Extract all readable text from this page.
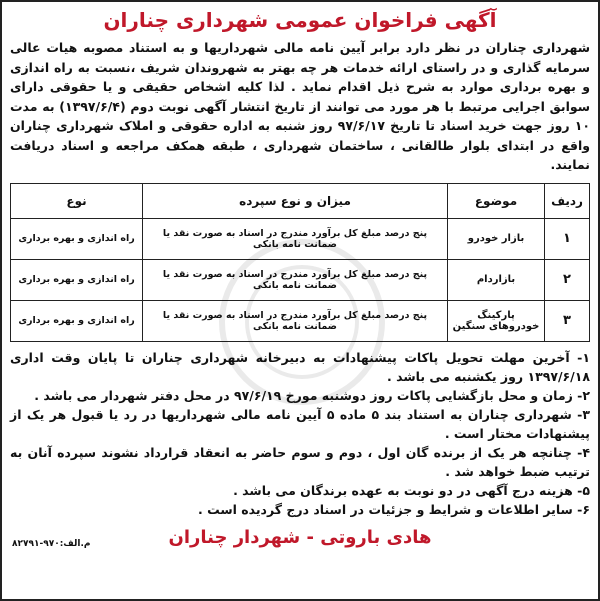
آگهی فراخوان عمومی شهرداری چناران

شهرداری چناران در نظر دارد برابر آیین نامه مالی شهرداریها و به استناد مصوبه هیات عالی سرمایه گذاری و در راستای ارائه خدمات هر چه بهتر به شهروندان شریف ،نسبت به راه اندازی و بهره برداری موارد به شرح ذیل اقدام نماید . لذا کلیه اشخاص حقیقی و یا حقوقی دارای سوابق اجرایی مرتبط با هر مورد می توانند از تاریخ انتشار آگهی نوبت دوم (۱۳۹۷/۶/۴) به مدت ۱۰ روز جهت خرید اسناد تا تاریخ ۹۷/۶/۱۷ روز شنبه به اداره حقوقی و املاک شهرداری چناران واقع در ابتدای بلوار طالقانی ، ساختمان شهرداری ، طبقه همکف مراجعه و اسناد دریافت نمایند.

ردیف	موضوع	میزان و نوع سپرده	نوع
۱	بازار خودرو	پنج درصد مبلغ کل برآورد مندرج در اسناد به صورت نقد یا ضمانت نامه بانکی	راه اندازی و بهره برداری
۲	بازاردام	پنج درصد مبلغ کل برآورد مندرج در اسناد به صورت نقد یا ضمانت نامه بانکی	راه اندازی و بهره برداری
۳	پارکینگ خودروهای سنگین	پنج درصد مبلغ کل برآورد مندرج در اسناد به صورت نقد یا ضمانت نامه بانکی	راه اندازی و بهره برداری
۱- آخرین مهلت تحویل پاکات پیشنهادات به دبیرخانه شهرداری چناران تا پایان وقت اداری ۱۳۹۷/۶/۱۸ روز یکشنبه می باشد .
۲- زمان و محل بازگشایی پاکات روز دوشنبه مورخ ۹۷/۶/۱۹ در محل دفتر شهردار می باشد .
۳- شهرداری چناران به استناد بند ۵ ماده ۵ آیین نامه مالی شهرداریها در رد یا قبول هر یک از پیشنهادات مختار است .
۴- چنانچه هر یک از برنده گان اول ، دوم و سوم حاضر به انعقاد قرارداد نشوند سپرده آنان به ترتیب ضبط خواهد شد .
۵- هزینه درج آگهی در دو نوبت به عهده برندگان می باشد .
۶- سایر اطلاعات و شرایط و جزئیات در اسناد درج گردیده است .
هادی باروتی - شهردار چناران
م.الف:۹۷۰-۸۲۷۹۱
